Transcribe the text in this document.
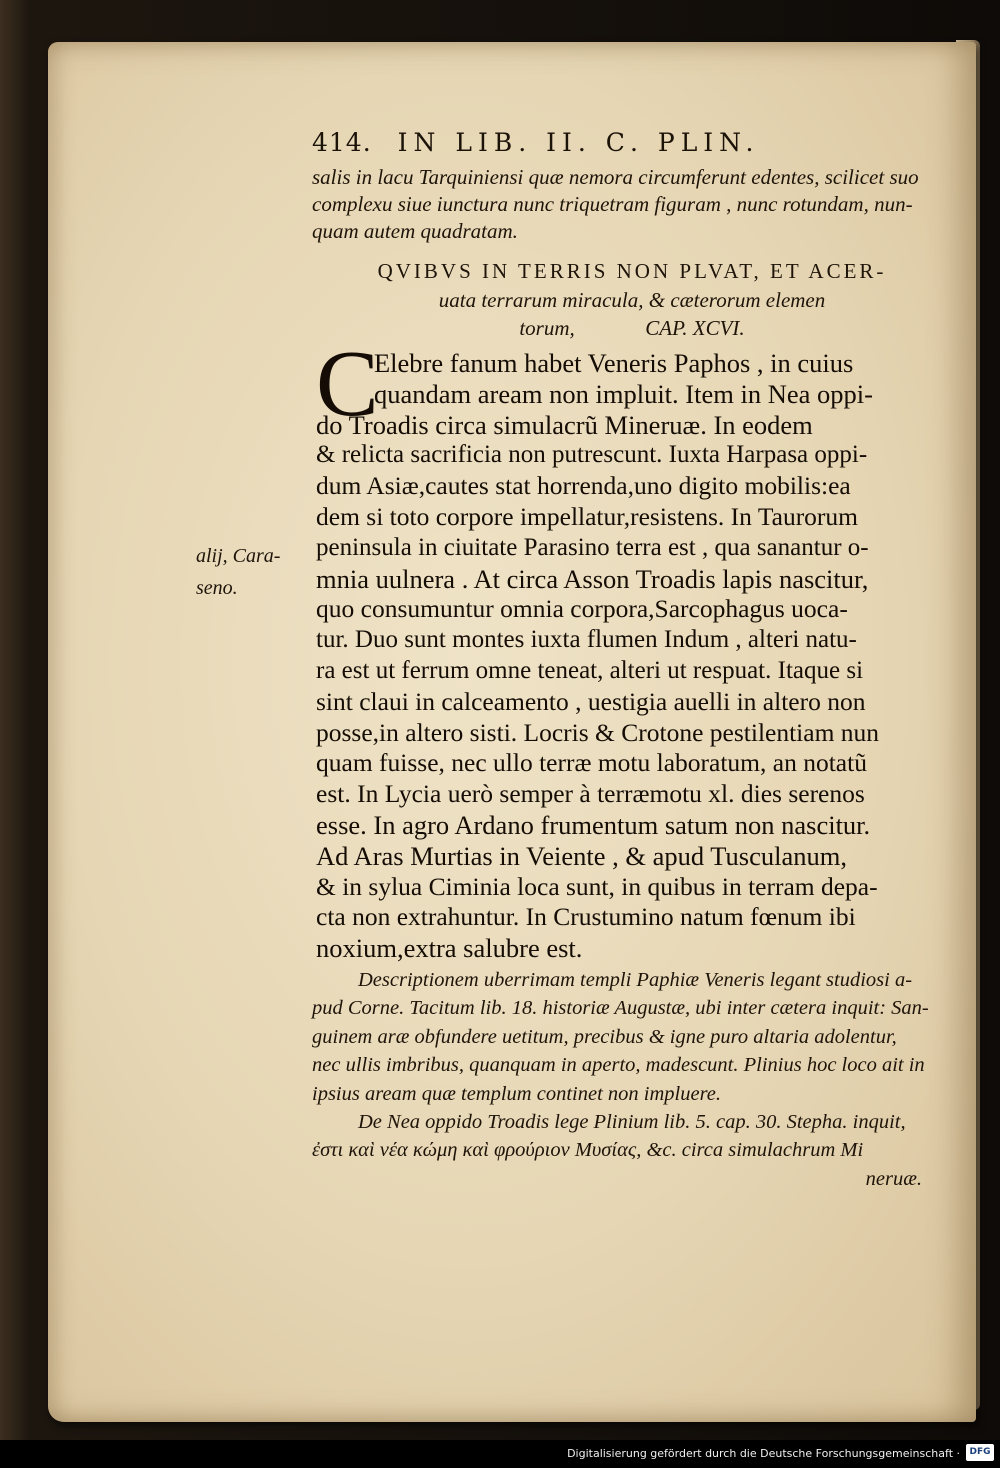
414. IN LIB. II. C. PLIN.
salis in lacu Tarquiniensi quæ nemora circumferunt edentes, scilicet suo
complexu siue iunctura nunc triquetram figuram , nunc rotundam, nun-
quam autem quadratam.
QVIBVS IN TERRIS NON PLVAT, ET ACER-
uata terrarum miracula, & cæterorum elemen
torum,	CAP. XCVI.
C
Elebre fanum habet Veneris Paphos , in cuius
quandam aream non impluit. Item in Nea oppi-
do Troadis circa simulacrũ Mineruæ. In eodem
& relicta sacrificia non putrescunt. Iuxta Harpasa oppi-
dum Asiæ,cautes stat horrenda,uno digito mobilis:ea
dem si toto corpore impellatur,resistens. In Taurorum
peninsula in ciuitate Parasino terra est , qua sanantur o-
mnia uulnera . At circa Asson Troadis lapis nascitur,
quo consumuntur omnia corpora,Sarcophagus uoca-
tur. Duo sunt montes iuxta flumen Indum , alteri natu-
ra est ut ferrum omne teneat, alteri ut respuat. Itaque si
sint claui in calceamento , uestigia auelli in altero non
posse,in altero sisti. Locris & Crotone pestilentiam nun
quam fuisse, nec ullo terræ motu laboratum, an notatũ
est. In Lycia uerò semper à terræmotu xl. dies serenos
esse. In agro Ardano frumentum satum non nascitur.
Ad Aras Murtias in Veiente , & apud Tusculanum,
& in sylua Ciminia loca sunt, in quibus in terram depa-
cta non extrahuntur. In Crustumino natum fœnum ibi
noxium,extra salubre est.
alij, Cara-
seno.
Descriptionem uberrimam templi Paphiæ Veneris legant studiosi a-
pud Corne. Tacitum lib. 18. historiæ Augustæ, ubi inter cætera inquit: San-
guinem aræ obfundere uetitum, precibus & igne puro altaria adolentur,
nec ullis imbribus, quanquam in aperto, madescunt. Plinius hoc loco ait in
ipsius aream quæ templum continet non impluere.
De Nea oppido Troadis lege Plinium lib. 5. cap. 30. Stepha. inquit,
ἐστι καὶ νέα κώμη καὶ φρούριον Μυσίας, &c. circa simulachrum Mi
neruæ.
Digitalisierung gefördert durch die Deutsche Forschungsgemeinschaft ·	DFG
